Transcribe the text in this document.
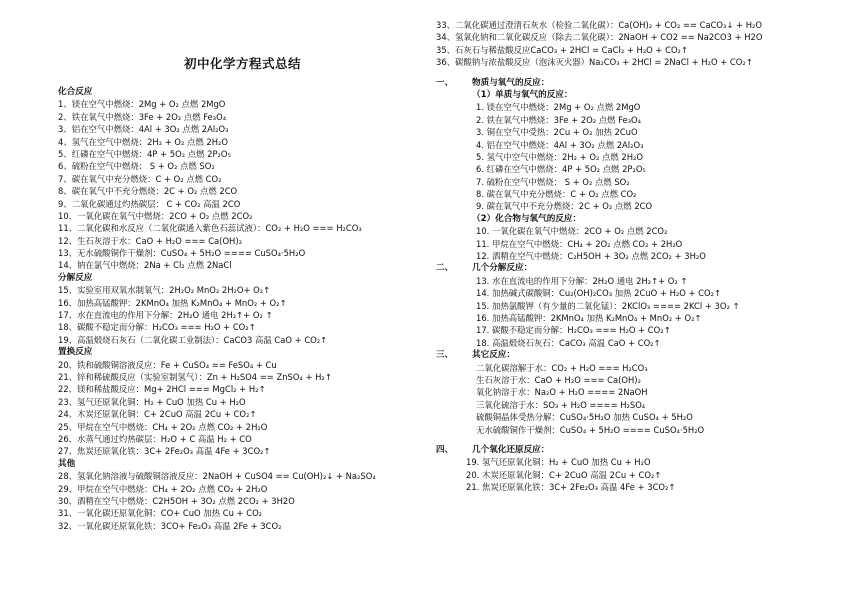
初中化学方程式总结
化合反应
1、镁在空气中燃烧：2Mg + O₂ 点燃 2MgO
2、铁在氧气中燃烧：3Fe + 2O₂ 点燃 Fe₃O₄
3、铝在空气中燃烧：4Al + 3O₂ 点燃 2Al₂O₃
4、氢气在空气中燃烧：2H₂ + O₂ 点燃 2H₂O
5、红磷在空气中燃烧：4P + 5O₂ 点燃 2P₂O₅
6、硫粉在空气中燃烧： S + O₂ 点燃 SO₂
7、碳在氧气中充分燃烧：C + O₂ 点燃 CO₂
8、碳在氧气中不充分燃烧：2C + O₂ 点燃 2CO
9、二氧化碳通过灼热碳层： C + CO₂ 高温 2CO
10、一氧化碳在氧气中燃烧：2CO + O₂ 点燃 2CO₂
11、二氧化碳和水反应（二氧化碳通入紫色石蕊试液）：CO₂ + H₂O === H₂CO₃
12、生石灰溶于水：CaO + H₂O === Ca(OH)₂
13、无水硫酸铜作干燥剂：CuSO₄ + 5H₂O ==== CuSO₄·5H₂O
14、钠在氯气中燃烧：2Na + Cl₂ 点燃 2NaCl
分解反应
15、实验室用双氧水制氧气：2H₂O₂ MnO₂ 2H₂O+ O₂↑
16、加热高锰酸钾：2KMnO₄ 加热 K₂MnO₄ + MnO₂ + O₂↑
17、水在直流电的作用下分解：2H₂O 通电 2H₂↑+ O₂ ↑
18、碳酸不稳定而分解：H₂CO₃ === H₂O + CO₂↑
19、高温煅烧石灰石（二氧化碳工业制法）：CaCO3 高温 CaO + CO₂↑
置换反应
20、铁和硫酸铜溶液反应：Fe + CuSO₄ == FeSO₄ + Cu
21、锌和稀硫酸反应（实验室制氢气）：Zn + H₂SO4 == ZnSO₄ + H₂↑
22、镁和稀盐酸反应：Mg+ 2HCl === MgCl₂ + H₂↑
23、氢气还原氧化铜：H₂ + CuO 加热 Cu + H₂O
24、木炭还原氧化铜：C+ 2CuO 高温 2Cu + CO₂↑
25、甲烷在空气中燃烧：CH₄ + 2O₂ 点燃 CO₂ + 2H₂O
26、水蒸气通过灼热碳层：H₂O + C 高温 H₂ + CO
27、焦炭还原氧化铁：3C+ 2Fe₂O₃ 高温 4Fe + 3CO₂↑
其他
28、氢氧化钠溶液与硫酸铜溶液反应：2NaOH + CuSO4 == Cu(OH)₂↓ + Na₂SO₄
29、甲烷在空气中燃烧：CH₄ + 2O₂ 点燃 CO₂ + 2H₂O
30、酒精在空气中燃烧：C2H5OH + 3O₂ 点燃 2CO₂ + 3H2O
31、一氧化碳还原氧化铜：CO+ CuO 加热 Cu + CO₂
32、一氧化碳还原氧化铁：3CO+ Fe₂O₃ 高温 2Fe + 3CO₂
33、二氧化碳通过澄清石灰水（检验二氧化碳）：Ca(OH)₂ + CO₂ == CaCO₃↓ + H₂O
34、氢氧化钠和二氧化碳反应（除去二氧化碳）：2NaOH + CO2 == Na2CO3 + H2O
35、石灰石与稀盐酸反应CaCO₃ + 2HCl = CaCl₂ + H₂O + CO₂↑
36、碳酸钠与浓盐酸反应（泡沫灭火器）Na₂CO₃ + 2HCl = 2NaCl + H₂O + CO₂↑
一、 物质与氧气的反应：
（1）单质与氧气的反应：
1. 镁在空气中燃烧：2Mg + O₂ 点燃 2MgO
2. 铁在氧气中燃烧：3Fe + 2O₂ 点燃 Fe₃O₄
3. 铜在空气中受热：2Cu + O₂ 加热 2CuO
4. 铝在空气中燃烧：4Al + 3O₂ 点燃 2Al₂O₃
5. 氢气中空气中燃烧：2H₂ + O₂ 点燃 2H₂O
6. 红磷在空气中燃烧：4P + 5O₂ 点燃 2P₂O₅
7. 硫粉在空气中燃烧： S + O₂ 点燃 SO₂
8. 碳在氧气中充分燃烧：C + O₂ 点燃 CO₂
9. 碳在氧气中不充分燃烧：2C + O₂ 点燃 2CO
（2）化合物与氧气的反应：
10. 一氧化碳在氧气中燃烧：2CO + O₂ 点燃 2CO₂
11. 甲烷在空气中燃烧：CH₄ + 2O₂ 点燃 CO₂ + 2H₂O
12. 酒精在空气中燃烧：C₂H5OH + 3O₂ 点燃 2CO₂ + 3H₂O
二、 几个分解反应：
13. 水在直流电的作用下分解：2H₂O 通电 2H₂↑+ O₂ ↑
14. 加热碱式碳酸铜：Cu₂(OH)₂CO₃ 加热 2CuO + H₂O + CO₂↑
15. 加热氯酸钾（有少量的二氧化锰）：2KClO₃ ==== 2KCl + 3O₂ ↑
16. 加热高锰酸钾：2KMnO₄ 加热 K₂MnO₄ + MnO₂ + O₂↑
17. 碳酸不稳定而分解：H₂CO₃ === H₂O + CO₂↑
18. 高温煅烧石灰石：CaCO₃ 高温 CaO + CO₂↑
三、 其它反应：
二氧化碳溶解于水：CO₂ + H₂O === H₂CO₃
生石灰溶于水：CaO + H₂O === Ca(OH)₂
氧化钠溶于水：Na₂O + H₂O ==== 2NaOH
三氧化硫溶于水：SO₃ + H₂O ==== H₂SO₄
硫酸铜晶体受热分解：CuSO₄·5H₂O 加热 CuSO₄ + 5H₂O
无水硫酸铜作干燥剂：CuSO₄ + 5H₂O ==== CuSO₄·5H₂O
四、 几个氧化还原反应：
19. 氢气还原氧化铜：H₂ + CuO 加热 Cu + H₂O
20. 木炭还原氧化铜：C+ 2CuO 高温 2Cu + CO₂↑
21. 焦炭还原氧化铁：3C+ 2Fe₂O₃ 高温 4Fe + 3CO₂↑
